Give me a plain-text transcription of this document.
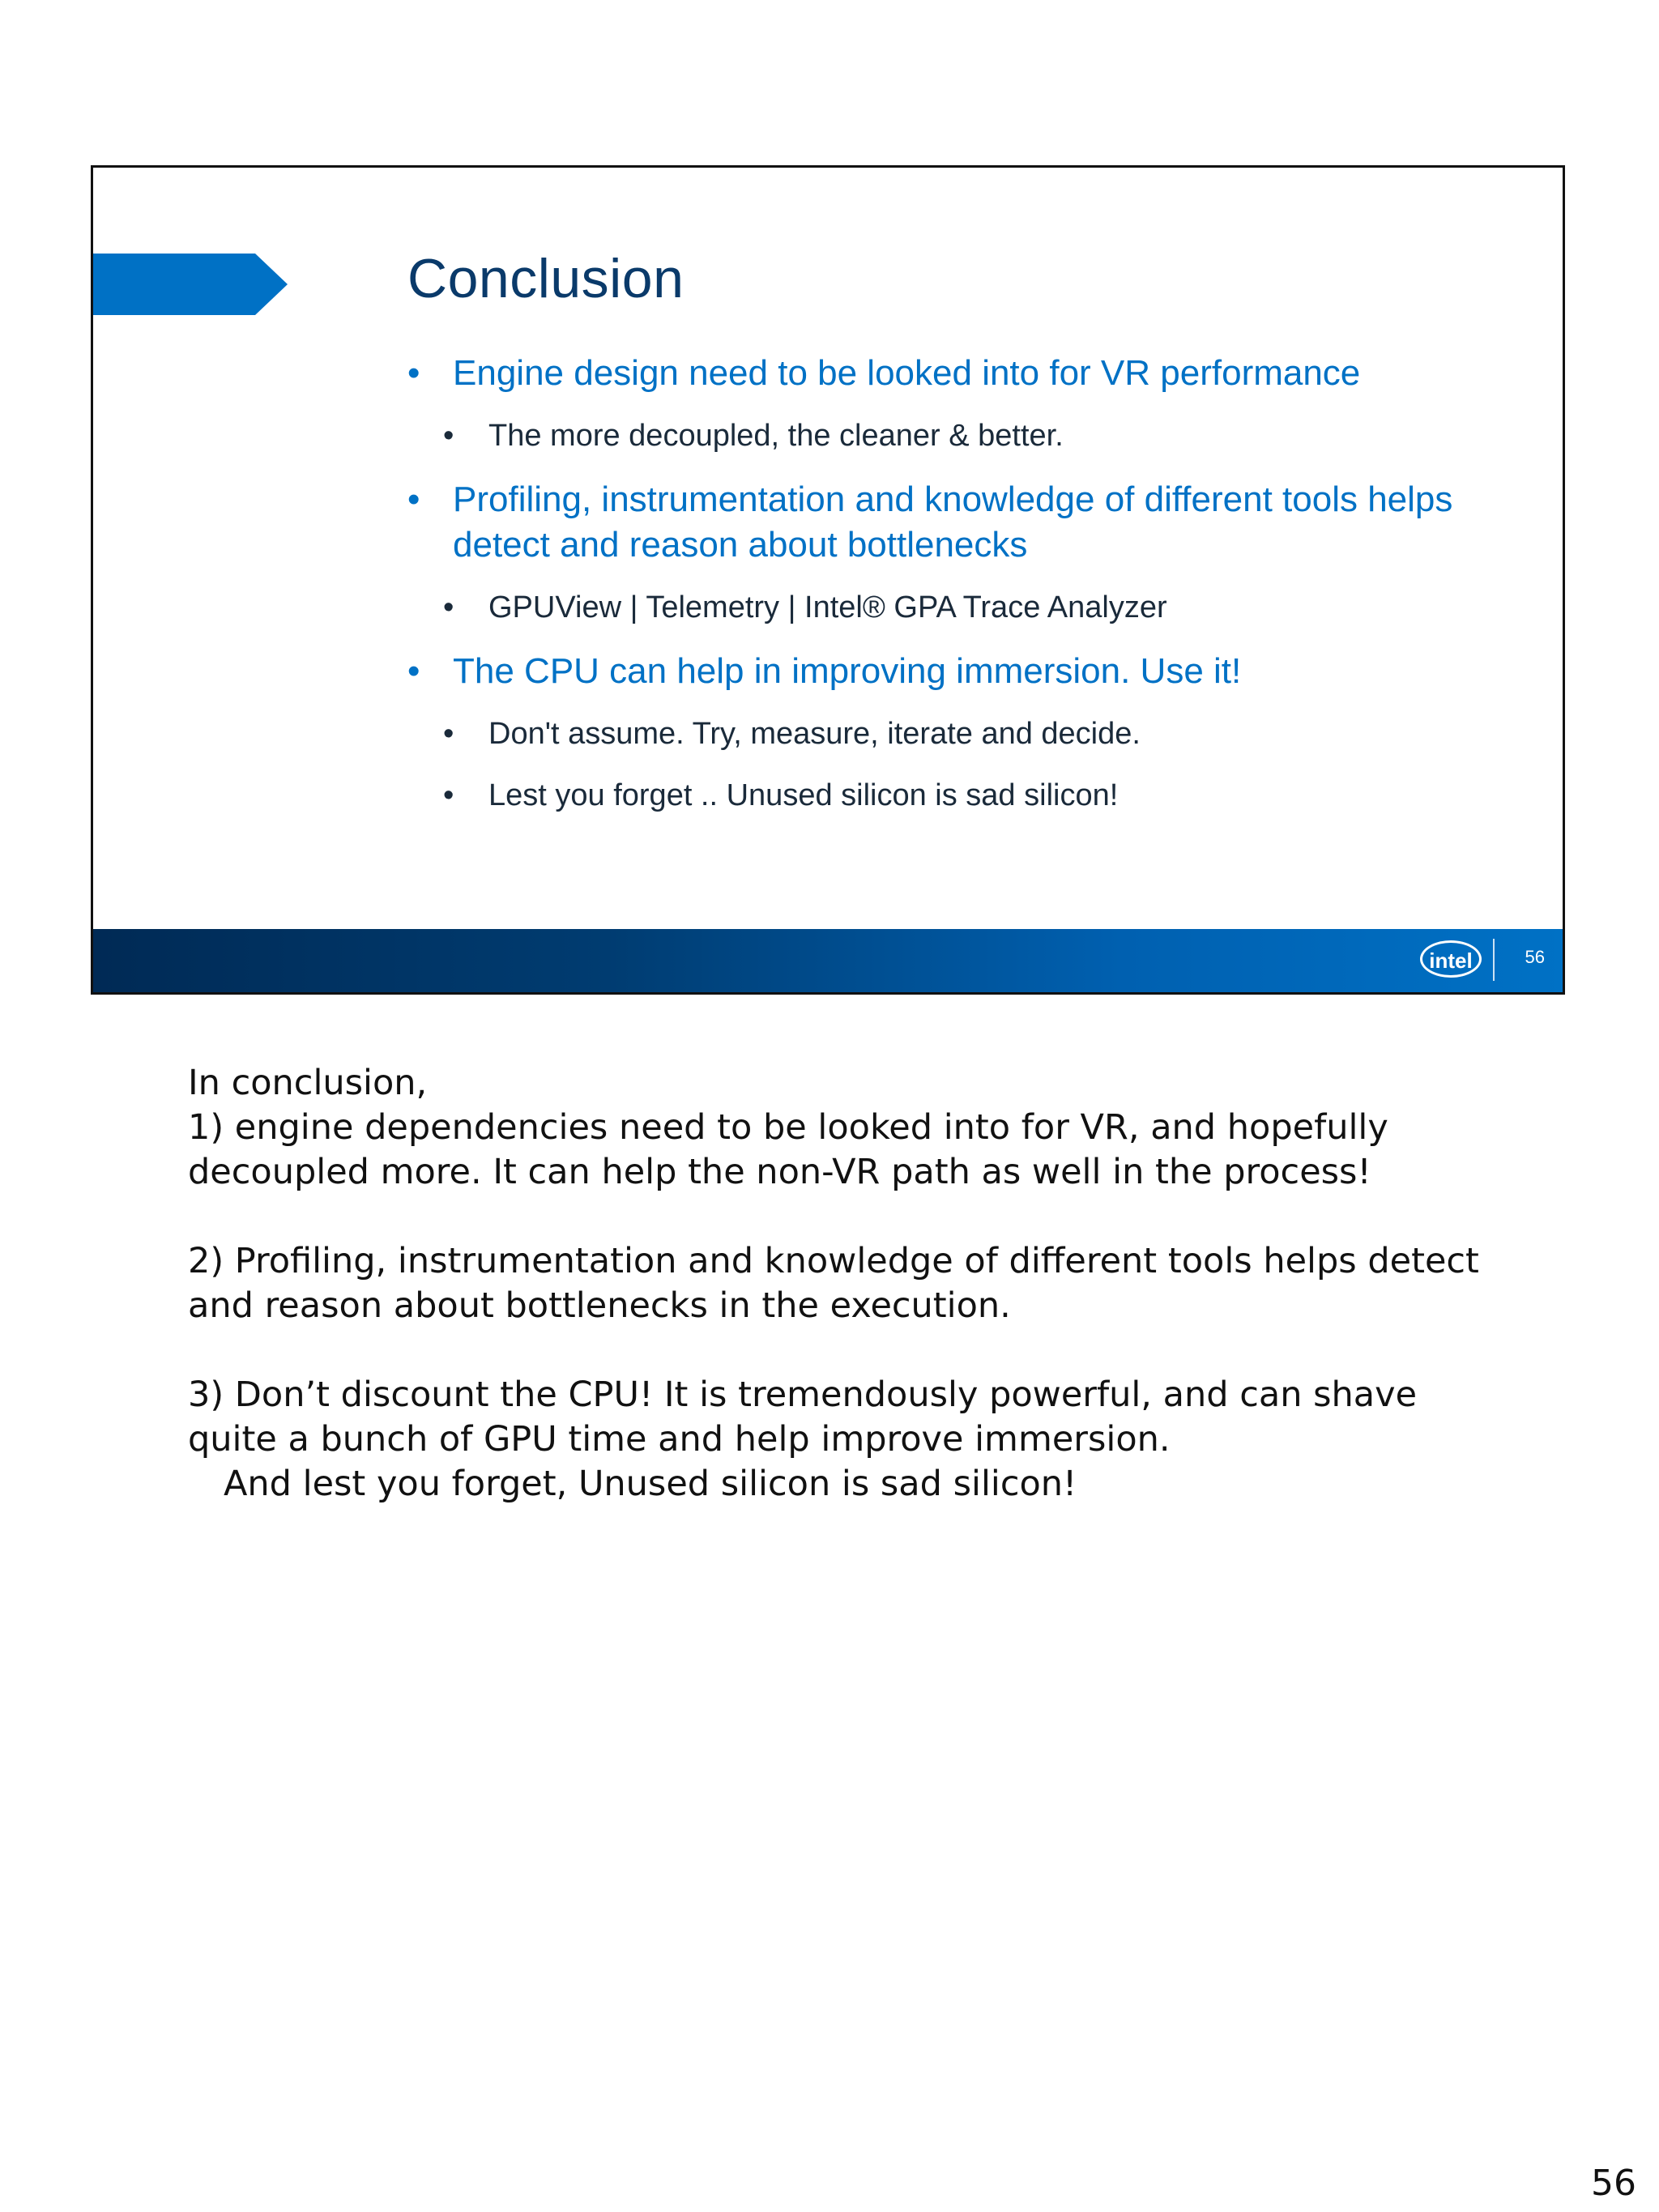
Conclusion
• Engine design need to be looked into for VR performance
• The more decoupled, the cleaner & better.
• Profiling, instrumentation and knowledge of different tools helps detect and reason about bottlenecks
• GPUView | Telemetry | Intel® GPA Trace Analyzer
• The CPU can help in improving immersion. Use it!
• Don't assume. Try, measure, iterate and decide.
• Lest you forget .. Unused silicon is sad silicon!
intel	56

In conclusion,

1) engine dependencies need to be looked into for VR, and hopefully decoupled more. It can help the non-VR path as well in the process!

2) Profiling, instrumentation and knowledge of different tools helps detect and reason about bottlenecks in the execution.

3) Don’t discount the CPU! It is tremendously powerful, and can shave quite a bunch of GPU time and help improve immersion.

And lest you forget, Unused silicon is sad silicon!

56
